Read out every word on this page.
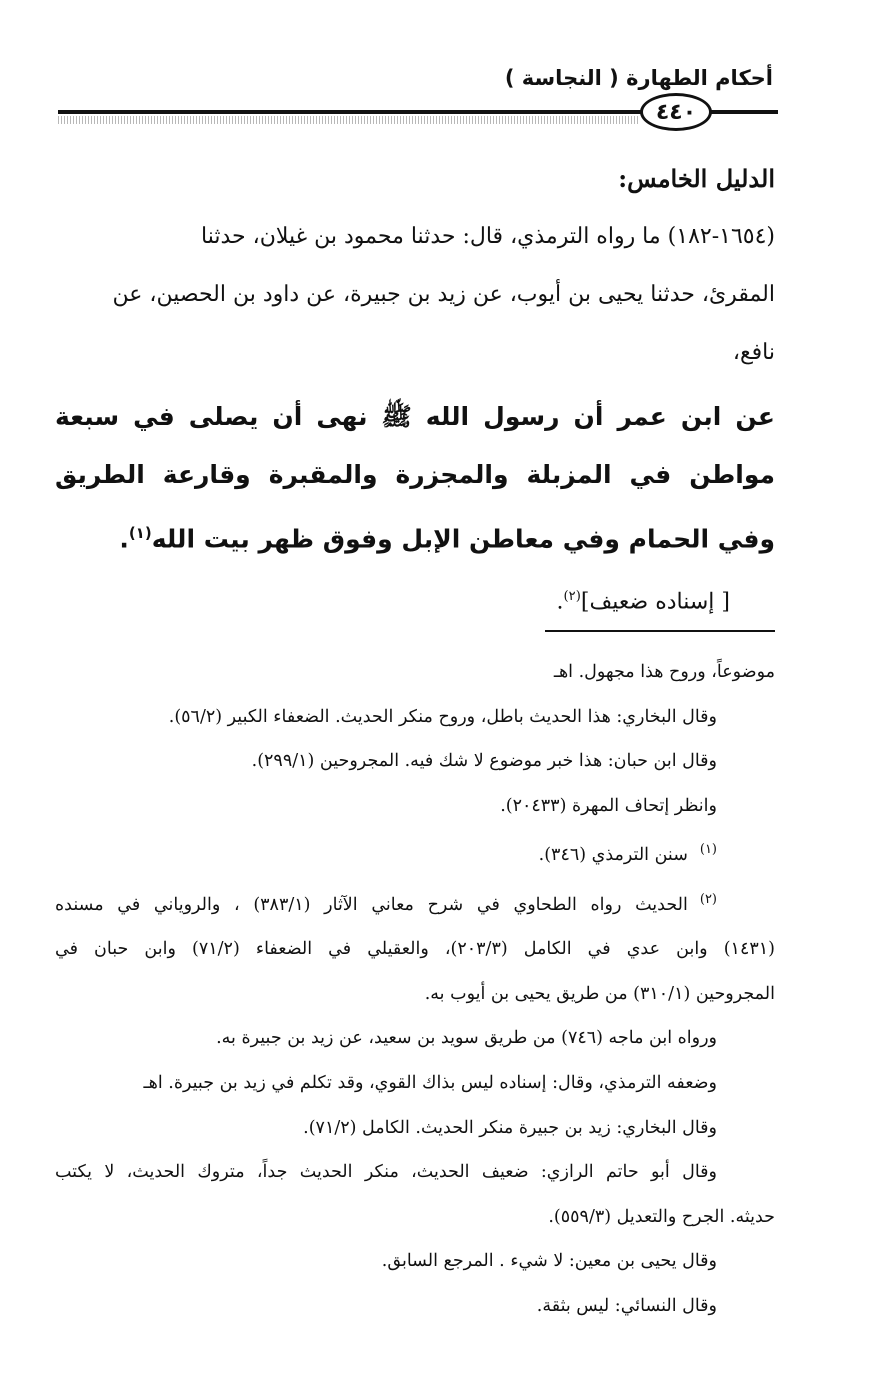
أحكام الطهارة ( النجاسة )
٤٤٠

الدليل الخامس:

(١٦٥٤-١٨٢) ما رواه الترمذي، قال: حدثنا محمود بن غيلان، حدثنا

المقرئ، حدثنا يحيى بن أيوب، عن زيد بن جبيرة، عن داود بن الحصين، عن

نافع،

عن ابن عمر أن رسول الله ﷺ نهى أن يصلى في سبعة مواطن في المزبلة والمجزرة والمقبرة وقارعة الطريق وفي الحمام وفي معاطن الإبل وفوق ظهر بيت الله$^{(١)}$.

[ إسناده ضعيف]$^{(٢)}$.

موضوعاً، وروح هذا مجهول. اهـ

وقال البخاري: هذا الحديث باطل، وروح منكر الحديث. الضعفاء الكبير (٥٦/٢).

وقال ابن حبان: هذا خبر موضوع لا شك فيه. المجروحين (٢٩٩/١).

وانظر إتحاف المهرة (٢٠٤٣٣).

$^{(١)}$سنن الترمذي (٣٤٦).

$^{(٢)}$الحديث رواه الطحاوي في شرح معاني الآثار (٣٨٣/١) ، والروياني في مسنده

(١٤٣١) وابن عدي في الكامل (٢٠٣/٣)، والعقيلي في الضعفاء (٧١/٢) وابن حبان في

المجروحين (٣١٠/١) من طريق يحيى بن أيوب به.

ورواه ابن ماجه (٧٤٦) من طريق سويد بن سعيد، عن زيد بن جبيرة به.

وضعفه الترمذي، وقال: إسناده ليس بذاك القوي، وقد تكلم في زيد بن جبيرة. اهـ

وقال البخاري: زيد بن جبيرة منكر الحديث. الكامل (٧١/٢).

وقال أبو حاتم الرازي: ضعيف الحديث، منكر الحديث جداً، متروك الحديث، لا يكتب

حديثه. الجرح والتعديل (٥٥٩/٣).

وقال يحيى بن معين: لا شيء . المرجع السابق.

وقال النسائي: ليس بثقة.
